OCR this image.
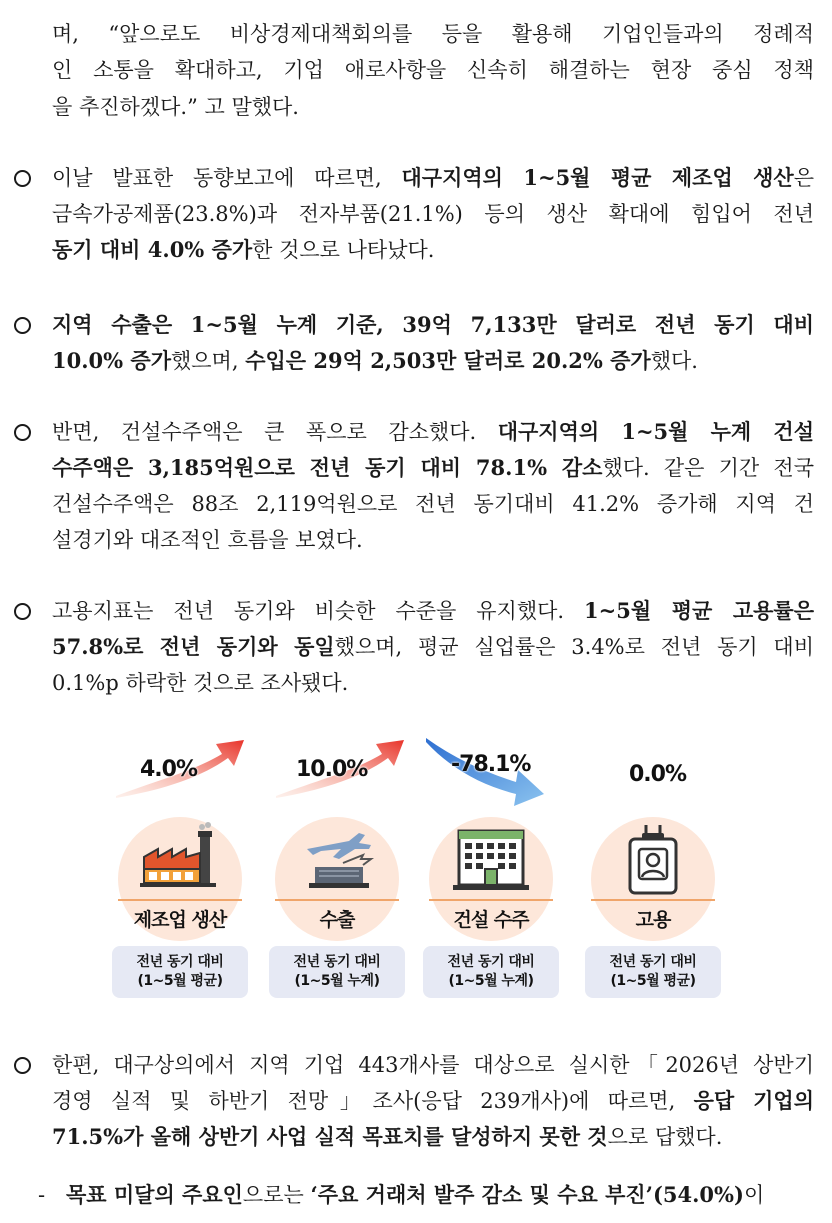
며, “앞으로도 비상경제대책회의를 등을 활용해 기업인들과의 정례적
인 소통을 확대하고, 기업 애로사항을 신속히 해결하는 현장 중심 정책
을 추진하겠다.” 고 말했다.
이날 발표한 동향보고에 따르면, 대구지역의 1~5월 평균 제조업 생산은
금속가공제품(23.8%)과 전자부품(21.1%) 등의 생산 확대에 힘입어 전년
동기 대비 4.0% 증가한 것으로 나타났다.
지역 수출은 1~5월 누계 기준, 39억 7,133만 달러로 전년 동기 대비
10.0% 증가했으며, 수입은 29억 2,503만 달러로 20.2% 증가했다.
반면, 건설수주액은 큰 폭으로 감소했다. 대구지역의 1~5월 누계 건설
수주액은 3,185억원으로 전년 동기 대비 78.1% 감소했다. 같은 기간 전국
건설수주액은 88조 2,119억원으로 전년 동기대비 41.2% 증가해 지역 건
설경기와 대조적인 흐름을 보였다.
고용지표는 전년 동기와 비슷한 수준을 유지했다. 1~5월 평균 고용률은
57.8%로 전년 동기와 동일했으며, 평균 실업률은 3.4%로 전년 동기 대비
0.1%p 하락한 것으로 조사됐다.
4.0%
제조업 생산
전년 동기 대비
(1~5월 평균)
10.0%
수출
전년 동기 대비
(1~5월 누계)
-78.1%
건설 수주
전년 동기 대비
(1~5월 누계)
0.0%
고용
전년 동기 대비
(1~5월 평균)
한편, 대구상의에서 지역 기업 443개사를 대상으로 실시한「2026년 상반기
경영 실적 및 하반기 전망」조사(응답 239개사)에 따르면, 응답 기업의
71.5%가 올해 상반기 사업 실적 목표치를 달성하지 못한 것으로 답했다.
- 목표 미달의 주요인으로는 ‘주요 거래처 발주 감소 및 수요 부진’(54.0%)이
